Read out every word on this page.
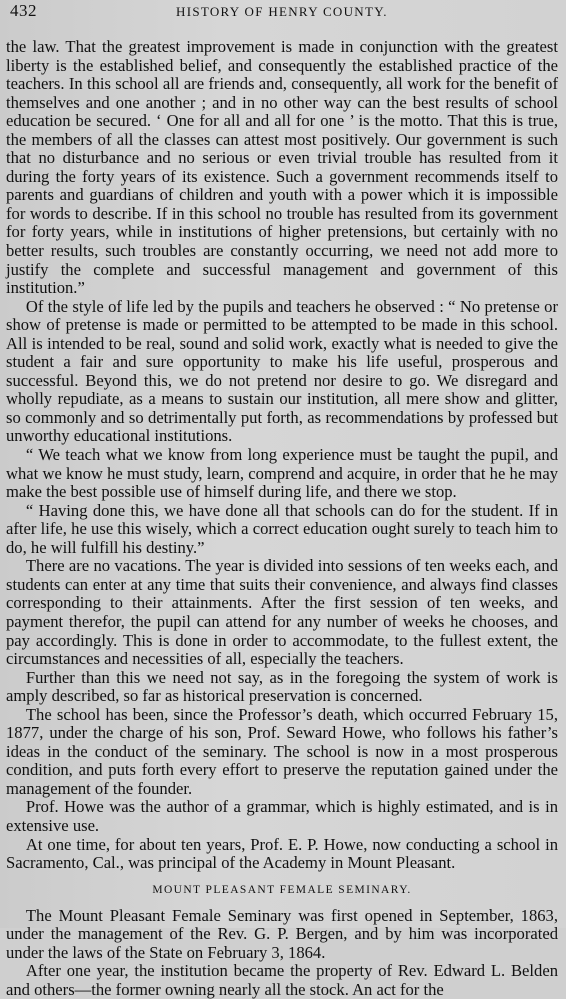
432	HISTORY OF HENRY COUNTY.

the law. That the greatest improvement is made in conjunction with the greatest liberty is the established belief, and consequently the established practice of the teachers. In this school all are friends and, consequently, all work for the benefit of themselves and one another ; and in no other way can the best results of school education be secured. ‘ One for all and all for one ’ is the motto. That this is true, the members of all the classes can attest most positively. Our government is such that no disturbance and no serious or even trivial trouble has resulted from it during the forty years of its existence. Such a government recommends itself to parents and guardians of children and youth with a power which it is impossible for words to describe. If in this school no trouble has resulted from its government for forty years, while in institutions of higher pretensions, but certainly with no better results, such troubles are constantly occurring, we need not add more to justify the complete and successful management and government of this institution.”

Of the style of life led by the pupils and teachers he observed : “ No pretense or show of pretense is made or permitted to be attempted to be made in this school. All is intended to be real, sound and solid work, exactly what is needed to give the student a fair and sure opportunity to make his life useful, prosperous and successful. Beyond this, we do not pretend nor desire to go. We disregard and wholly repudiate, as a means to sustain our institution, all mere show and glitter, so commonly and so detrimentally put forth, as recommendations by professed but unworthy educational institutions.

“ We teach what we know from long experience must be taught the pupil, and what we know he must study, learn, comprend and acquire, in order that he he may make the best possible use of himself during life, and there we stop.

“ Having done this, we have done all that schools can do for the student. If in after life, he use this wisely, which a correct education ought surely to teach him to do, he will fulfill his destiny.”

There are no vacations. The year is divided into sessions of ten weeks each, and students can enter at any time that suits their convenience, and always find classes corresponding to their attainments. After the first session of ten weeks, and payment therefor, the pupil can attend for any number of weeks he chooses, and pay accordingly. This is done in order to accommodate, to the fullest extent, the circumstances and necessities of all, especially the teachers.

Further than this we need not say, as in the foregoing the system of work is amply described, so far as historical preservation is concerned.

The school has been, since the Professor’s death, which occurred February 15, 1877, under the charge of his son, Prof. Seward Howe, who follows his father’s ideas in the conduct of the seminary. The school is now in a most prosperous condition, and puts forth every effort to preserve the reputation gained under the management of the founder.

Prof. Howe was the author of a grammar, which is highly estimated, and is in extensive use.

At one time, for about ten years, Prof. E. P. Howe, now conducting a school in Sacramento, Cal., was principal of the Academy in Mount Pleasant.

MOUNT PLEASANT FEMALE SEMINARY.

The Mount Pleasant Female Seminary was first opened in September, 1863, under the management of the Rev. G. P. Bergen, and by him was incorporated under the laws of the State on February 3, 1864.

After one year, the institution became the property of Rev. Edward L. Belden and others—the former owning nearly all the stock. An act for the
